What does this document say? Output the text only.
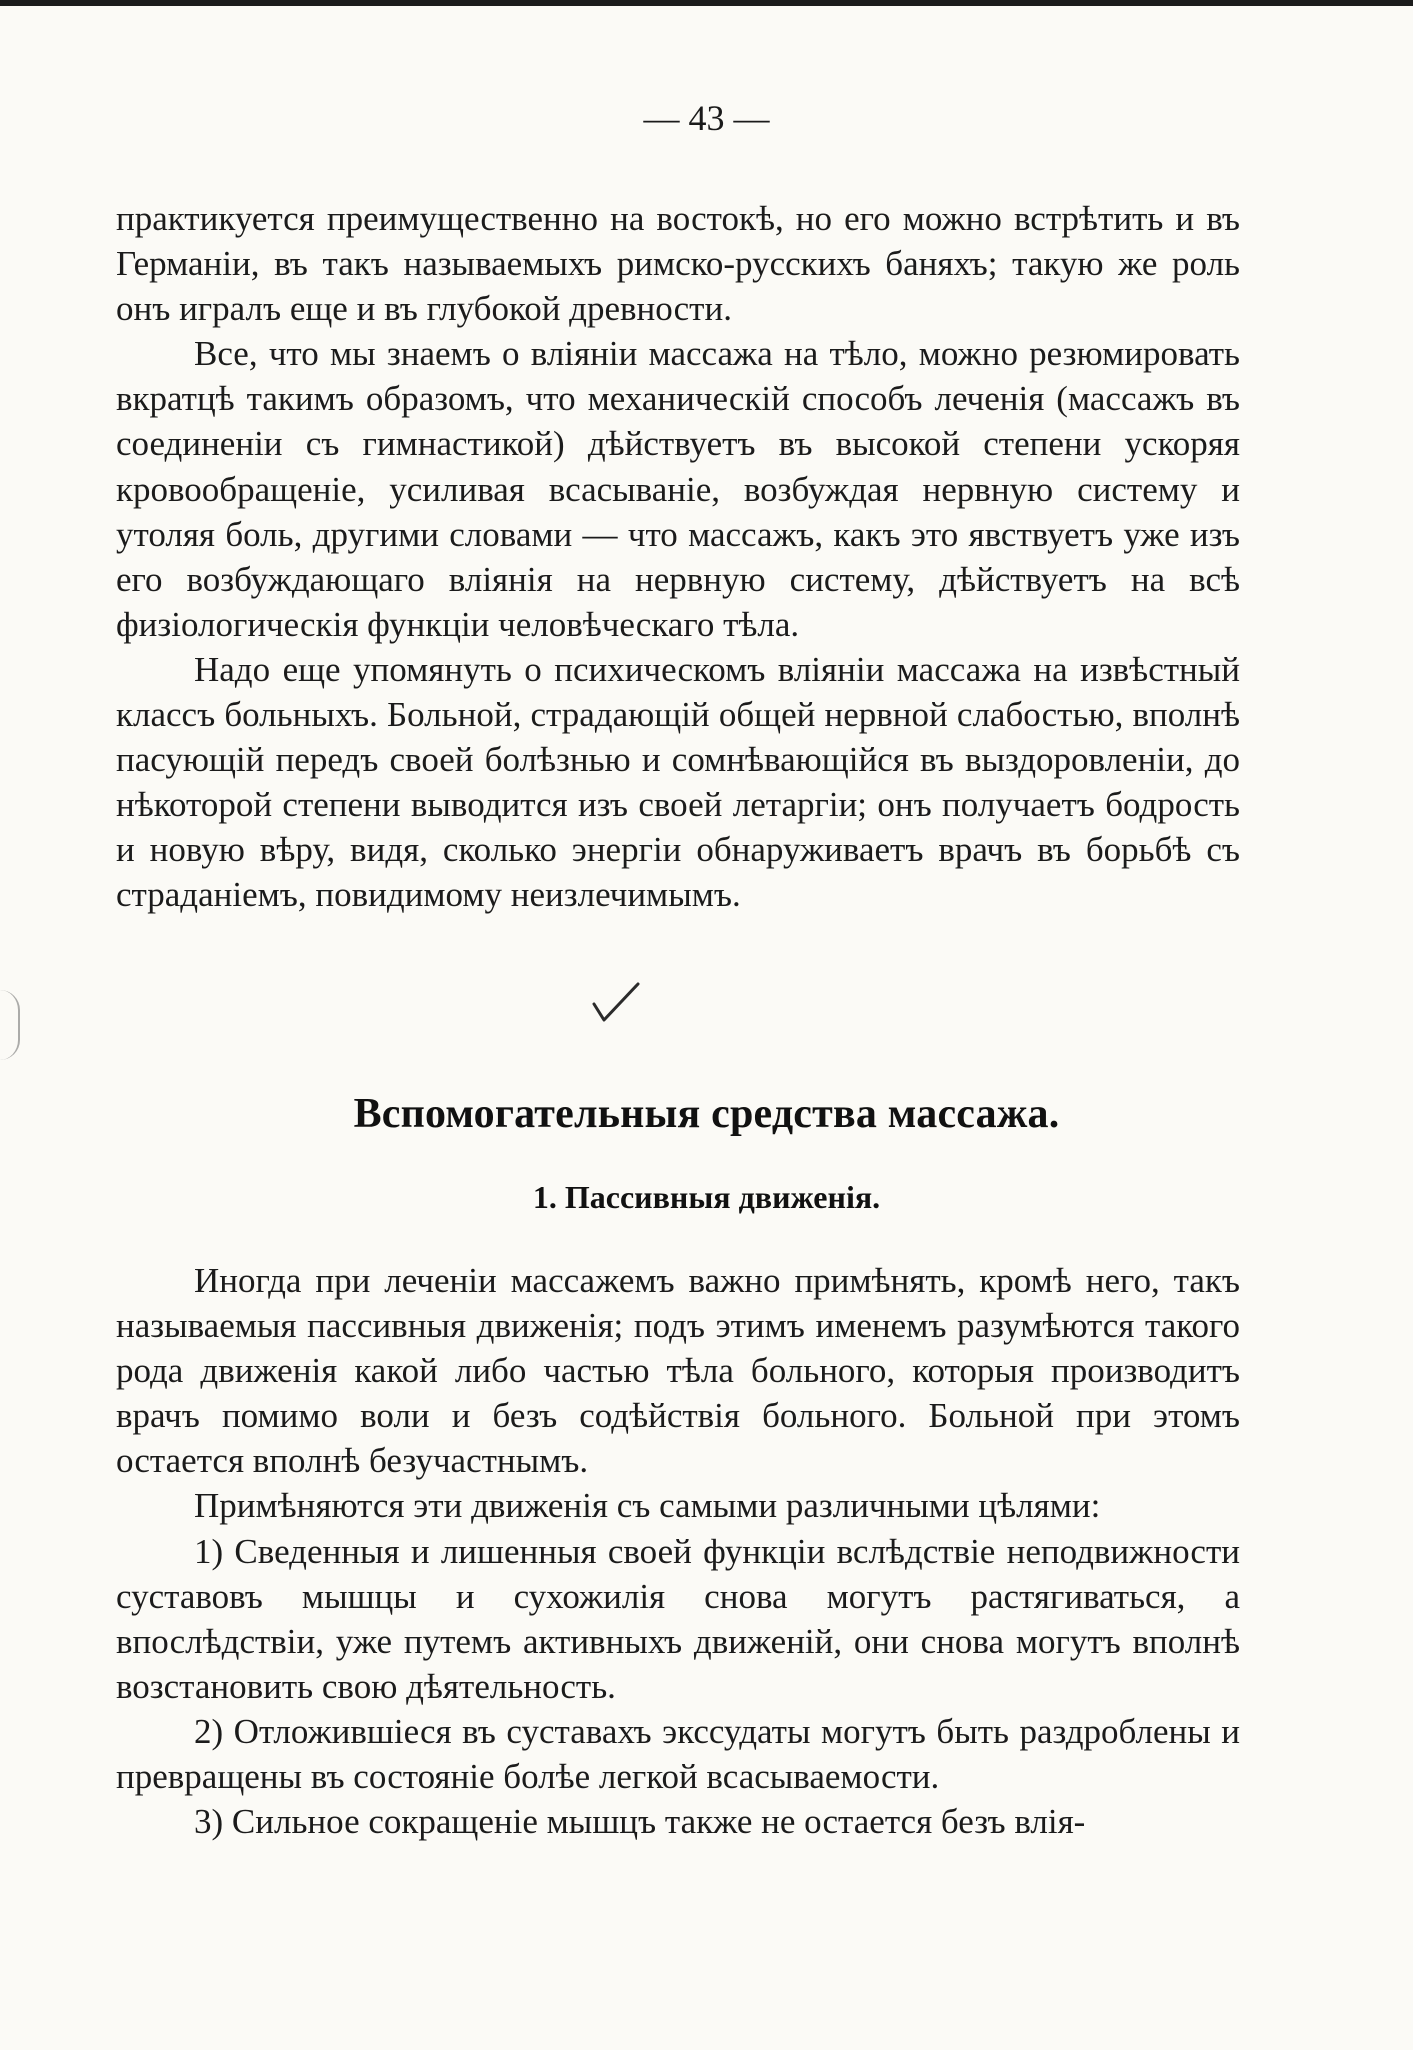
— 43 —

практикуется преимущественно на востокѣ, но его можно встрѣтить и въ Германіи, въ такъ называемыхъ римско-русскихъ баняхъ; такую же роль онъ игралъ еще и въ глубокой древности.

Все, что мы знаемъ о вліяніи массажа на тѣло, можно резюмировать вкратцѣ такимъ образомъ, что механическій способъ леченія (массажъ въ соединеніи съ гимнастикой) дѣйствуетъ въ высокой степени ускоряя кровообращеніе, усиливая всасываніе, возбуждая нервную систему и утоляя боль, другими словами — что массажъ, какъ это явствуетъ уже изъ его возбуждающаго вліянія на нервную систему, дѣйствуетъ на всѣ физіологическія функціи человѣческаго тѣла.

Надо еще упомянуть о психическомъ вліяніи массажа на извѣстный классъ больныхъ. Больной, страдающій общей нервной слабостью, вполнѣ пасующій передъ своей болѣзнью и сомнѣвающійся въ выздоровленіи, до нѣкоторой степени выводится изъ своей летаргіи; онъ получаетъ бодрость и новую вѣру, видя, сколько энергіи обнаруживаетъ врачъ въ борьбѣ съ страданіемъ, повидимому неизлечимымъ.

Вспомогательныя средства массажа.
1. Пассивныя движенія.

Иногда при леченіи массажемъ важно примѣнять, кромѣ него, такъ называемыя пассивныя движенія; подъ этимъ именемъ разумѣются такого рода движенія какой либо частью тѣла больного, которыя производитъ врачъ помимо воли и безъ содѣйствія больного. Больной при этомъ остается вполнѣ безучастнымъ.

Примѣняются эти движенія съ самыми различными цѣлями:

1) Сведенныя и лишенныя своей функціи вслѣдствіе неподвижности суставовъ мышцы и сухожилія снова могутъ растягиваться, а впослѣдствіи, уже путемъ активныхъ движеній, они снова могутъ вполнѣ возстановить свою дѣятельность.

2) Отложившіеся въ суставахъ экссудаты могутъ быть раздроблены и превращены въ состояніе болѣе легкой всасываемости.

3) Сильное сокращеніе мышцъ также не остается безъ влія-
